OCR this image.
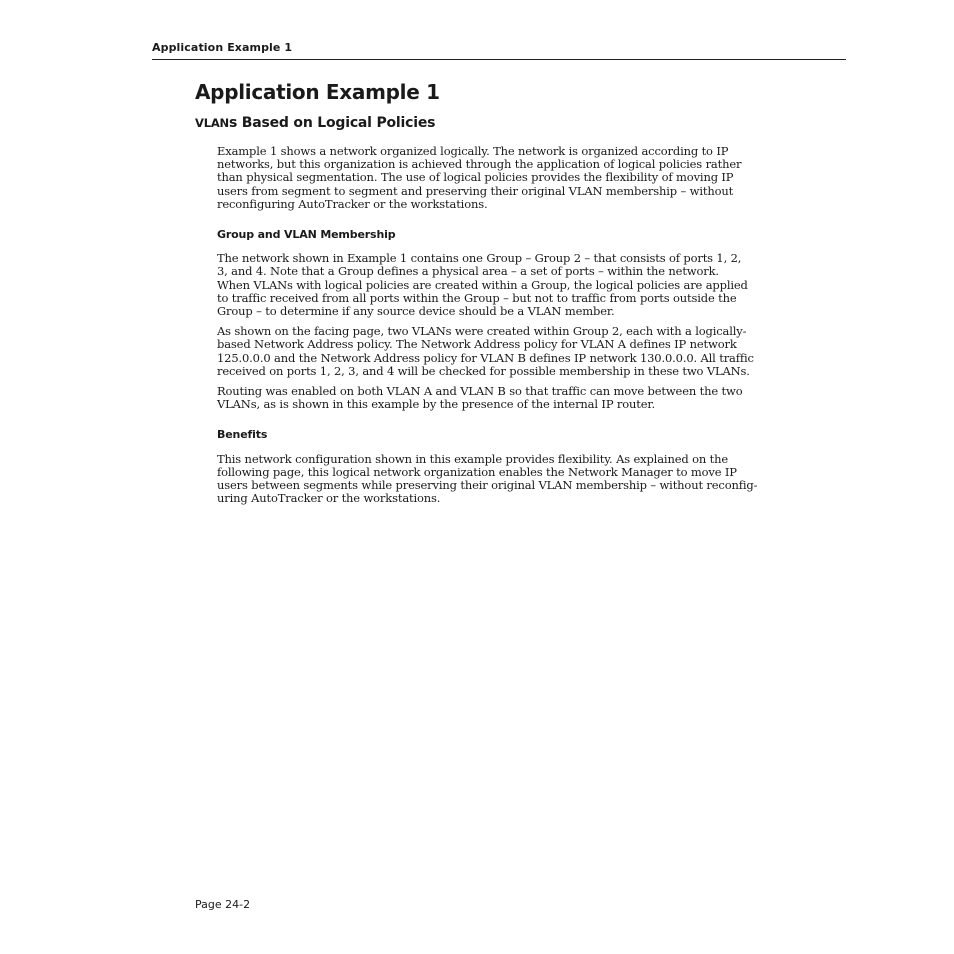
Application Example 1
Application Example 1
VLANs Based on Logical Policies

Example 1 shows a network organized logically. The network is organized according to IP

networks, but this organization is achieved through the application of logical policies rather

than physical segmentation. The use of logical policies provides the flexibility of moving IP

users from segment to segment and preserving their original VLAN membership – without

reconfiguring AutoTracker or the workstations.

Group and VLAN Membership

The network shown in Example 1 contains one Group – Group 2 – that consists of ports 1, 2,

3, and 4. Note that a Group defines a physical area – a set of ports – within the network.

When VLANs with logical policies are created within a Group, the logical policies are applied

to traffic received from all ports within the Group – but not to traffic from ports outside the

Group – to determine if any source device should be a VLAN member.

As shown on the facing page, two VLANs were created within Group 2, each with a logically-

based Network Address policy. The Network Address policy for VLAN A defines IP network

125.0.0.0 and the Network Address policy for VLAN B defines IP network 130.0.0.0. All traffic

received on ports 1, 2, 3, and 4 will be checked for possible membership in these two VLANs.

Routing was enabled on both VLAN A and VLAN B so that traffic can move between the two

VLANs, as is shown in this example by the presence of the internal IP router.

Benefits

This network configuration shown in this example provides flexibility. As explained on the

following page, this logical network organization enables the Network Manager to move IP

users between segments while preserving their original VLAN membership – without reconfig-

uring AutoTracker or the workstations.

Page 24-2
